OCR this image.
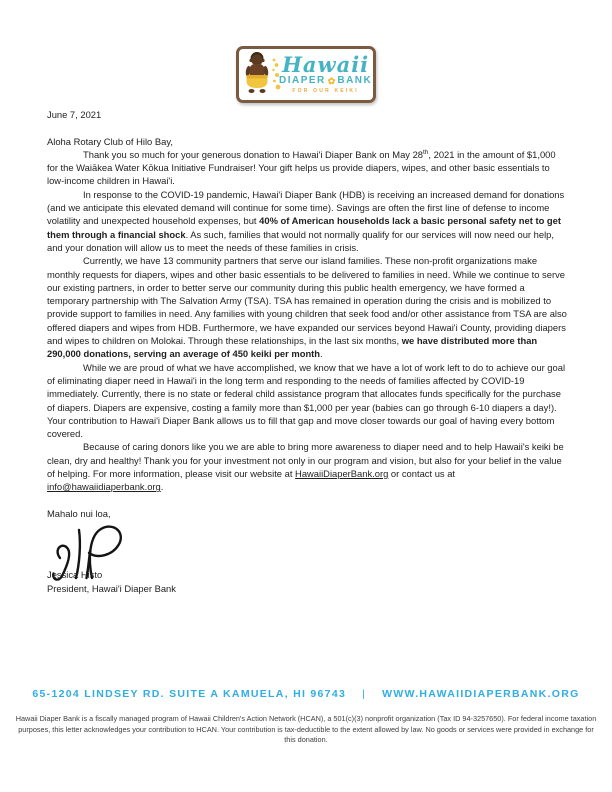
Hawaii
DIAPER ✿ BANK
FOR OUR KEIKI

June 7, 2021

Aloha Rotary Club of Hilo Bay,

Thank you so much for your generous donation to Hawai'i Diaper Bank on May 28th, 2021 in the amount of $1,000 for the Waiākea Water Kōkua Initiative Fundraiser! Your gift helps us provide diapers, wipes, and other basic essentials to low-income children in Hawai'i.

In response to the COVID-19 pandemic, Hawai'i Diaper Bank (HDB) is receiving an increased demand for donations (and we anticipate this elevated demand will continue for some time). Savings are often the first line of defense to income volatility and unexpected household expenses, but 40% of American households lack a basic personal safety net to get them through a financial shock. As such, families that would not normally qualify for our services will now need our help, and your donation will allow us to meet the needs of these families in crisis.

Currently, we have 13 community partners that serve our island families. These non-profit organizations make monthly requests for diapers, wipes and other basic essentials to be delivered to families in need. While we continue to serve our existing partners, in order to better serve our community during this public health emergency, we have formed a temporary partnership with The Salvation Army (TSA). TSA has remained in operation during the crisis and is mobilized to provide support to families in need. Any families with young children that seek food and/or other assistance from TSA are also offered diapers and wipes from HDB. Furthermore, we have expanded our services beyond Hawai'i County, providing diapers and wipes to children on Molokai. Through these relationships, in the last six months, we have distributed more than 290,000 donations, serving an average of 450 keiki per month.

While we are proud of what we have accomplished, we know that we have a lot of work left to do to achieve our goal of eliminating diaper need in Hawai'i in the long term and responding to the needs of families affected by COVID-19 immediately. Currently, there is no state or federal child assistance program that allocates funds specifically for the purchase of diapers. Diapers are expensive, costing a family more than $1,000 per year (babies can go through 6-10 diapers a day!). Your contribution to Hawai'i Diaper Bank allows us to fill that gap and move closer towards our goal of having every bottom covered.

Because of caring donors like you we are able to bring more awareness to diaper need and to help Hawaii's keiki be clean, dry and healthy! Thank you for your investment not only in our program and vision, but also for your belief in the value of helping. For more information, please visit our website at HawaiiDiaperBank.org or contact us at info@hawaiidiaperbank.org.

Mahalo nui loa,

Jessica Histo

President, Hawai'i Diaper Bank

65-1204 LINDSEY RD. SUITE A KAMUELA, HI 96743 | WWW.HAWAIIDIAPERBANK.ORG
Hawaii Diaper Bank is a fiscally managed program of Hawaii Children's Action Network (HCAN), a 501(c)(3) nonprofit organization (Tax ID 94-3257650). For federal income taxation purposes, this letter acknowledges your contribution to HCAN. Your contribution is tax-deductible to the extent allowed by law. No goods or services were provided in exchange for this donation.
